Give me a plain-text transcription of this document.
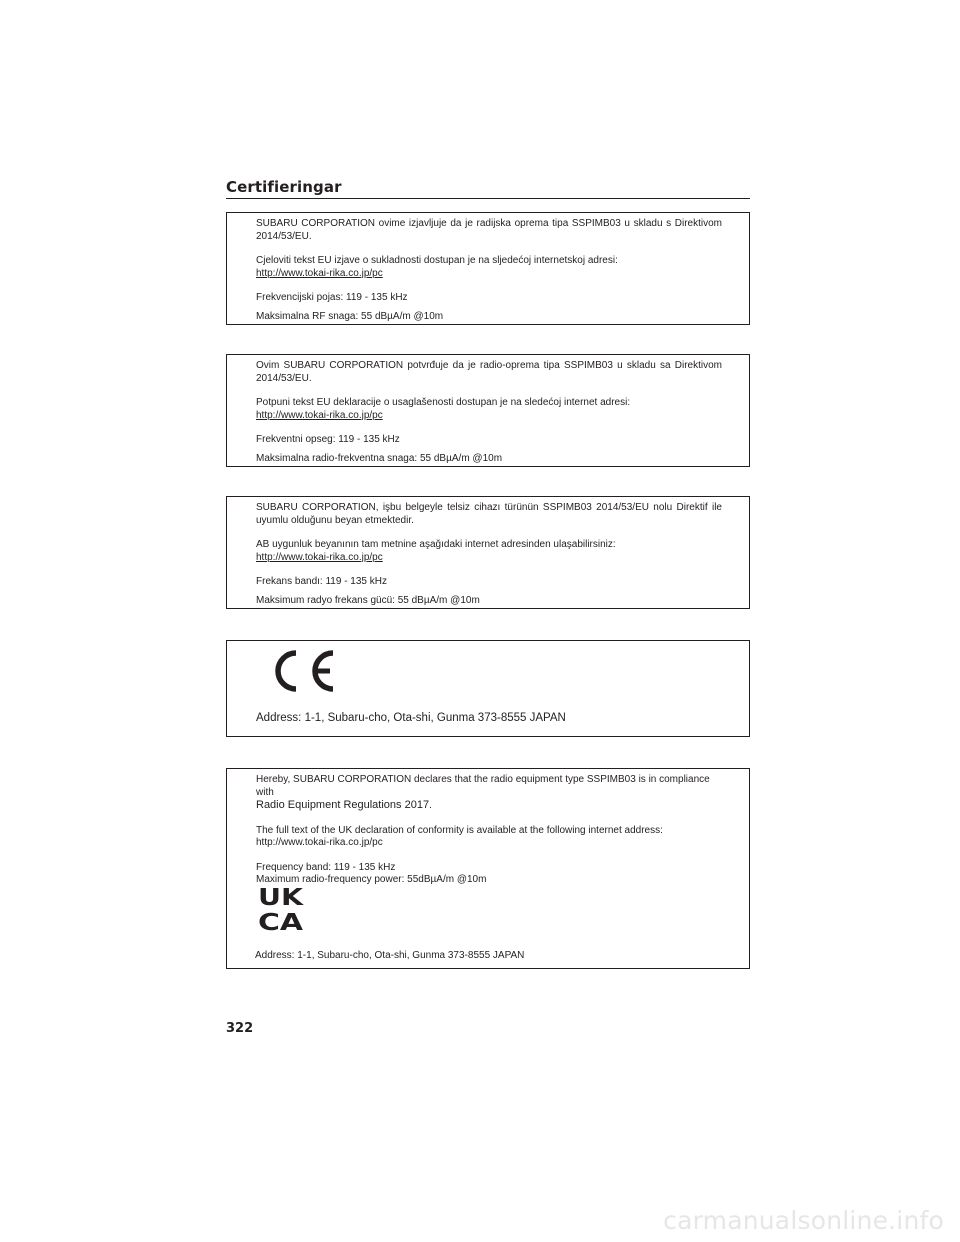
Certifieringar

SUBARU CORPORATION ovime izjavljuje da je radijska oprema tipa SSPIMB03 u skladu s Direktivom 2014/53/EU.

Cjeloviti tekst EU izjave o sukladnosti dostupan je na sljedećoj internetskoj adresi:

http://www.tokai-rika.co.jp/pc

Frekvencijski pojas: 119 - 135 kHz

Maksimalna RF snaga: 55 dBµA/m @10m

Ovim SUBARU CORPORATION potvrđuje da je radio-oprema tipa SSPIMB03 u skladu sa Direktivom 2014/53/EU.

Potpuni tekst EU deklaracije o usaglašenosti dostupan je na sledećoj internet adresi:

http://www.tokai-rika.co.jp/pc

Frekventni opseg: 119 - 135 kHz

Maksimalna radio-frekventna snaga: 55 dBµA/m @10m

SUBARU CORPORATION, işbu belgeyle telsiz cihazı türünün SSPIMB03 2014/53/EU nolu Direktif ile uyumlu olduğunu beyan etmektedir.

AB uygunluk beyanının tam metnine aşağıdaki internet adresinden ulaşabilirsiniz:

http://www.tokai-rika.co.jp/pc

Frekans bandı: 119 - 135 kHz

Maksimum radyo frekans gücü: 55 dBµA/m @10m

Address: 1-1, Subaru-cho, Ota-shi, Gunma 373-8555 JAPAN

Hereby, SUBARU CORPORATION declares that the radio equipment type SSPIMB03 is in compliance with
Radio Equipment Regulations 2017.

The full text of the UK declaration of conformity is available at the following internet address:

http://www.tokai-rika.co.jp/pc

Frequency band: 119 - 135 kHz

Maximum radio-frequency power: 55dBµA/m @10m

UK
CA
Address: 1-1, Subaru-cho, Ota-shi, Gunma 373-8555 JAPAN
322
carmanualsonline.info
